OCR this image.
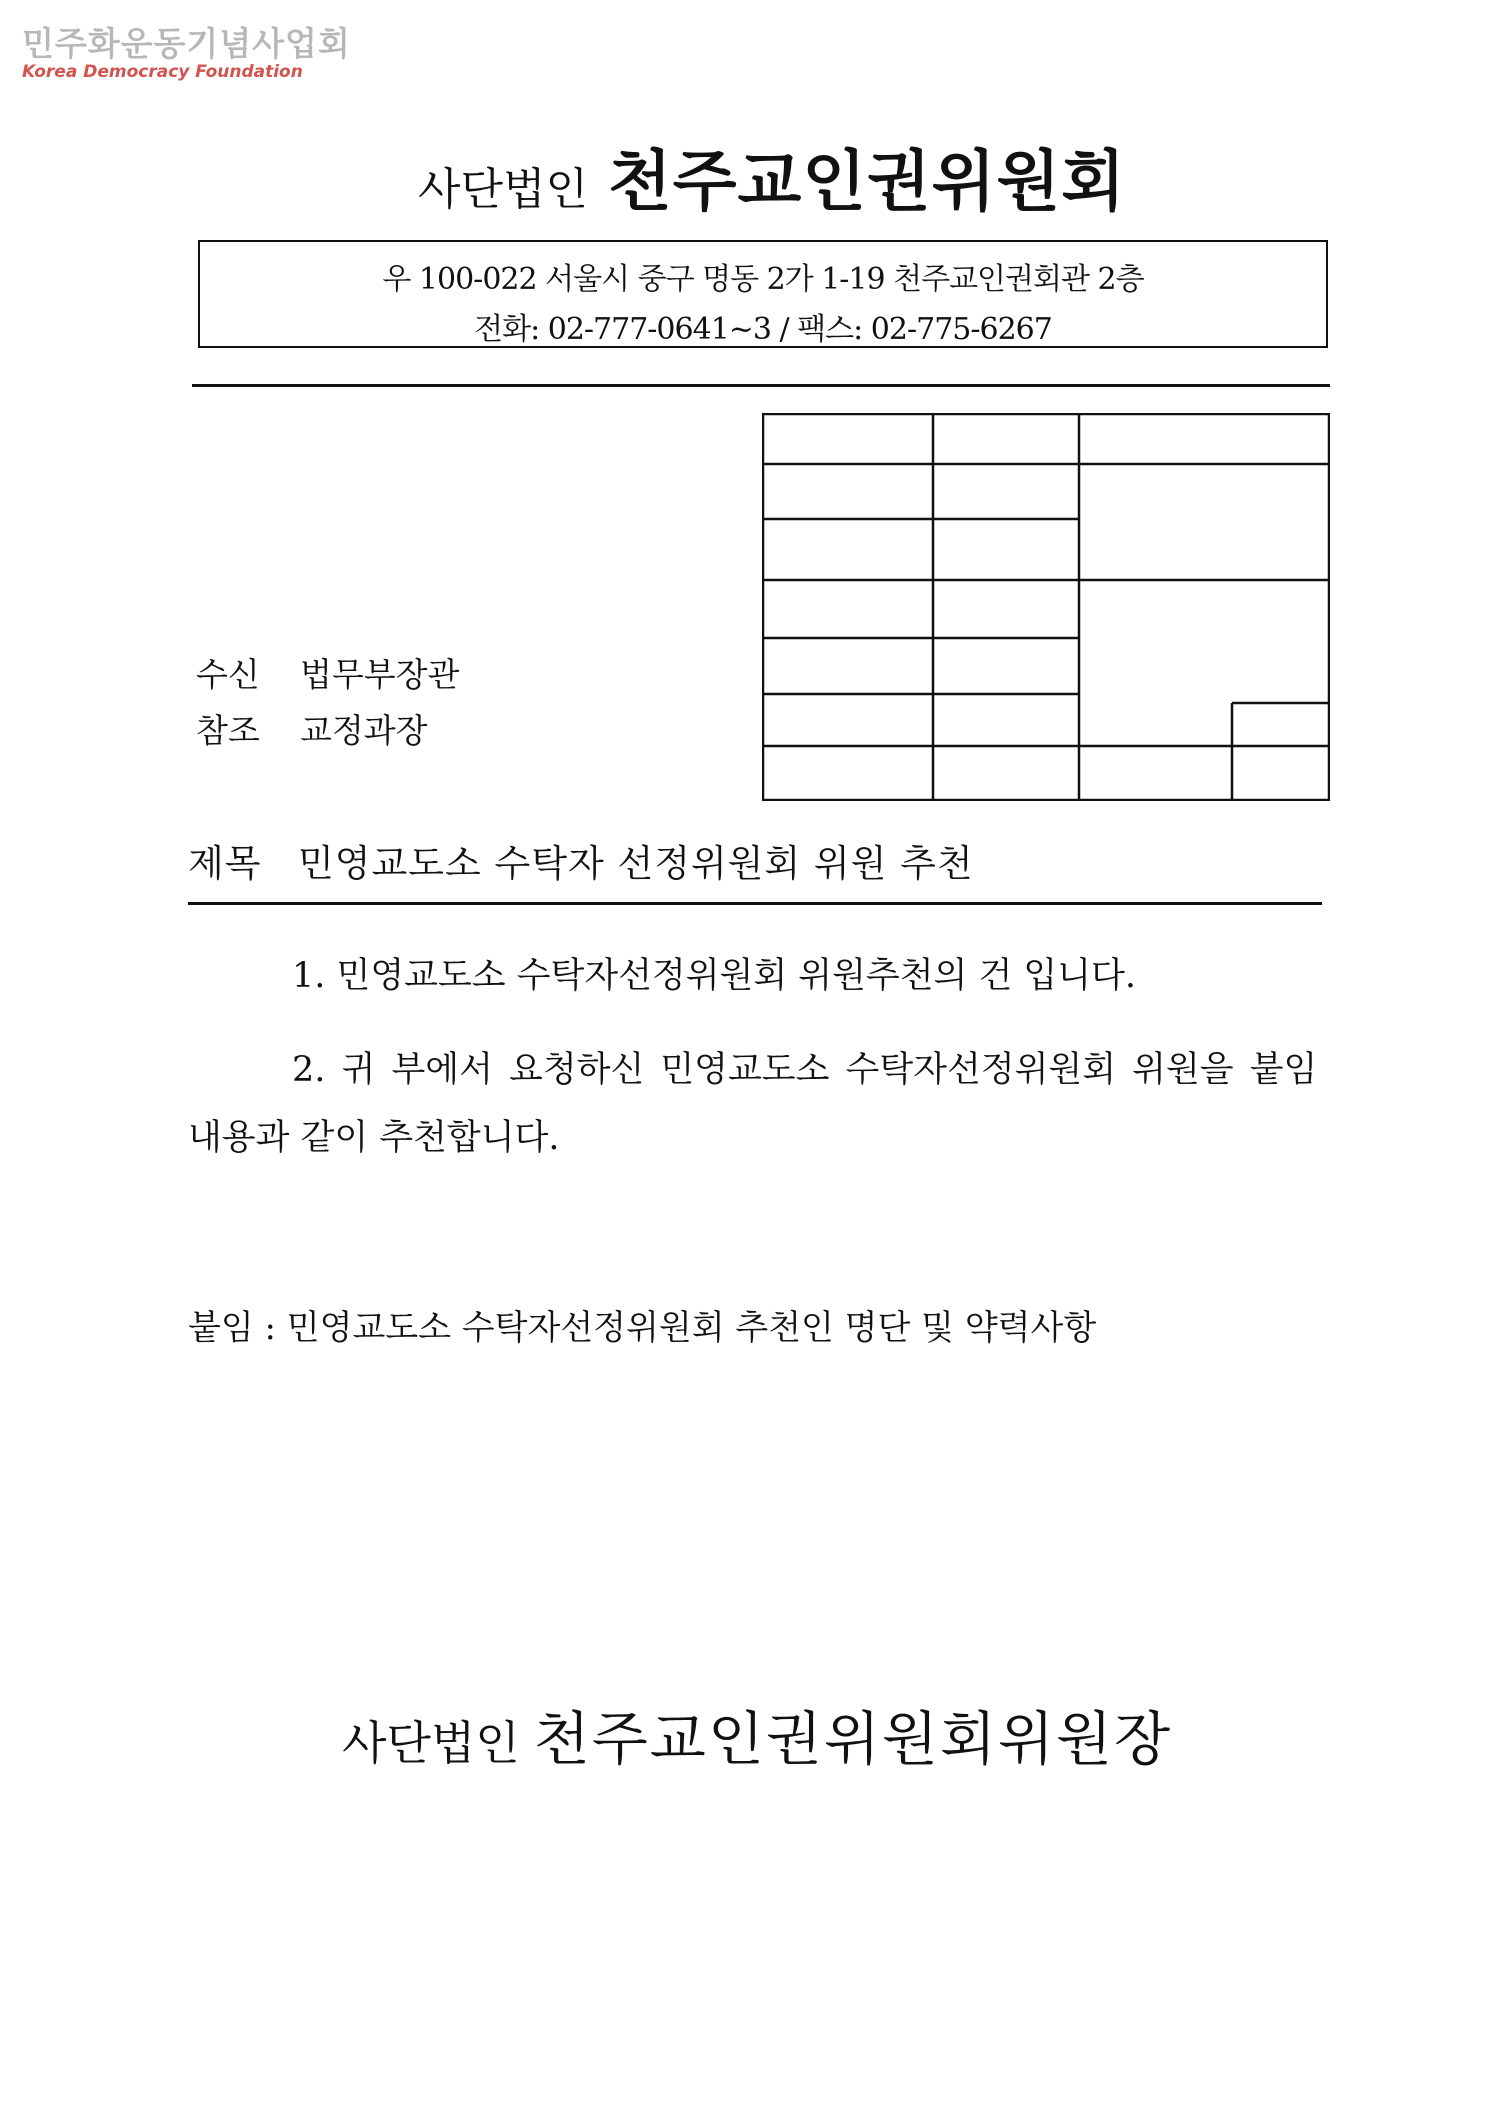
민주화운동기념사업회
Korea Democracy Foundation
사단법인 천주교인권위원회
우 100-022 서울시 중구 명동 2가 1-19 천주교인권회관 2층
전화: 02-777-0641~3 / 팩스: 02-775-6267
수신 법무부장관
참조 교정과장
제목 민영교도소 수탁자 선정위원회 위원 추천
1. 민영교도소 수탁자선정위원회 위원추천의 건 입니다.
2. 귀 부에서 요청하신 민영교도소 수탁자선정위원회 위원을 붙임
내용과 같이 추천합니다.
붙임 : 민영교도소 수탁자선정위원회 추천인 명단 및 약력사항
사단법인 천주교인권위원회위원장
